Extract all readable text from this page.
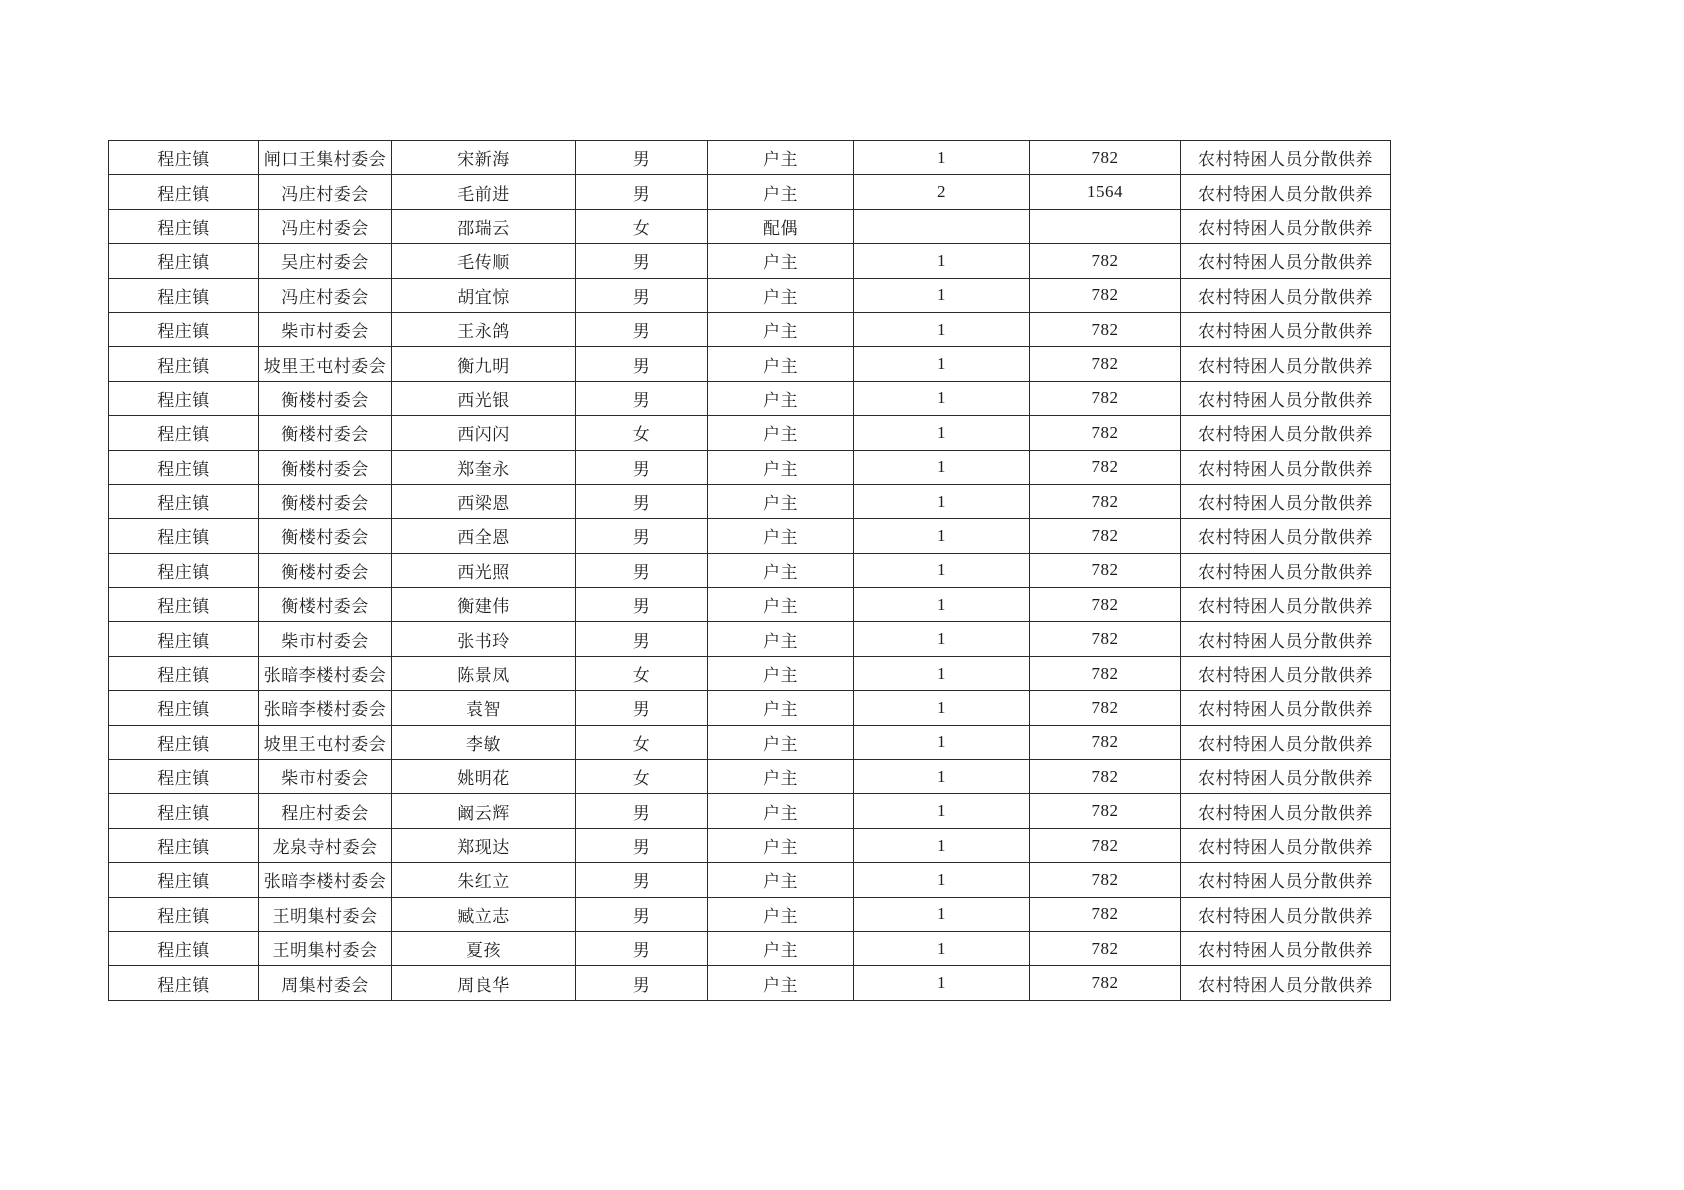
程庄镇	闸口王集村委会	宋新海	男	户主	1	782	农村特困人员分散供养
程庄镇	冯庄村委会	毛前进	男	户主	2	1564	农村特困人员分散供养
程庄镇	冯庄村委会	邵瑞云	女	配偶			农村特困人员分散供养
程庄镇	吴庄村委会	毛传顺	男	户主	1	782	农村特困人员分散供养
程庄镇	冯庄村委会	胡宜惊	男	户主	1	782	农村特困人员分散供养
程庄镇	柴市村委会	王永鸽	男	户主	1	782	农村特困人员分散供养
程庄镇	坡里王屯村委会	衡九明	男	户主	1	782	农村特困人员分散供养
程庄镇	衡楼村委会	西光银	男	户主	1	782	农村特困人员分散供养
程庄镇	衡楼村委会	西闪闪	女	户主	1	782	农村特困人员分散供养
程庄镇	衡楼村委会	郑奎永	男	户主	1	782	农村特困人员分散供养
程庄镇	衡楼村委会	西梁恩	男	户主	1	782	农村特困人员分散供养
程庄镇	衡楼村委会	西全恩	男	户主	1	782	农村特困人员分散供养
程庄镇	衡楼村委会	西光照	男	户主	1	782	农村特困人员分散供养
程庄镇	衡楼村委会	衡建伟	男	户主	1	782	农村特困人员分散供养
程庄镇	柴市村委会	张书玲	男	户主	1	782	农村特困人员分散供养
程庄镇	张暗李楼村委会	陈景凤	女	户主	1	782	农村特困人员分散供养
程庄镇	张暗李楼村委会	袁智	男	户主	1	782	农村特困人员分散供养
程庄镇	坡里王屯村委会	李敏	女	户主	1	782	农村特困人员分散供养
程庄镇	柴市村委会	姚明花	女	户主	1	782	农村特困人员分散供养
程庄镇	程庄村委会	阚云辉	男	户主	1	782	农村特困人员分散供养
程庄镇	龙泉寺村委会	郑现达	男	户主	1	782	农村特困人员分散供养
程庄镇	张暗李楼村委会	朱红立	男	户主	1	782	农村特困人员分散供养
程庄镇	王明集村委会	臧立志	男	户主	1	782	农村特困人员分散供养
程庄镇	王明集村委会	夏孩	男	户主	1	782	农村特困人员分散供养
程庄镇	周集村委会	周良华	男	户主	1	782	农村特困人员分散供养
